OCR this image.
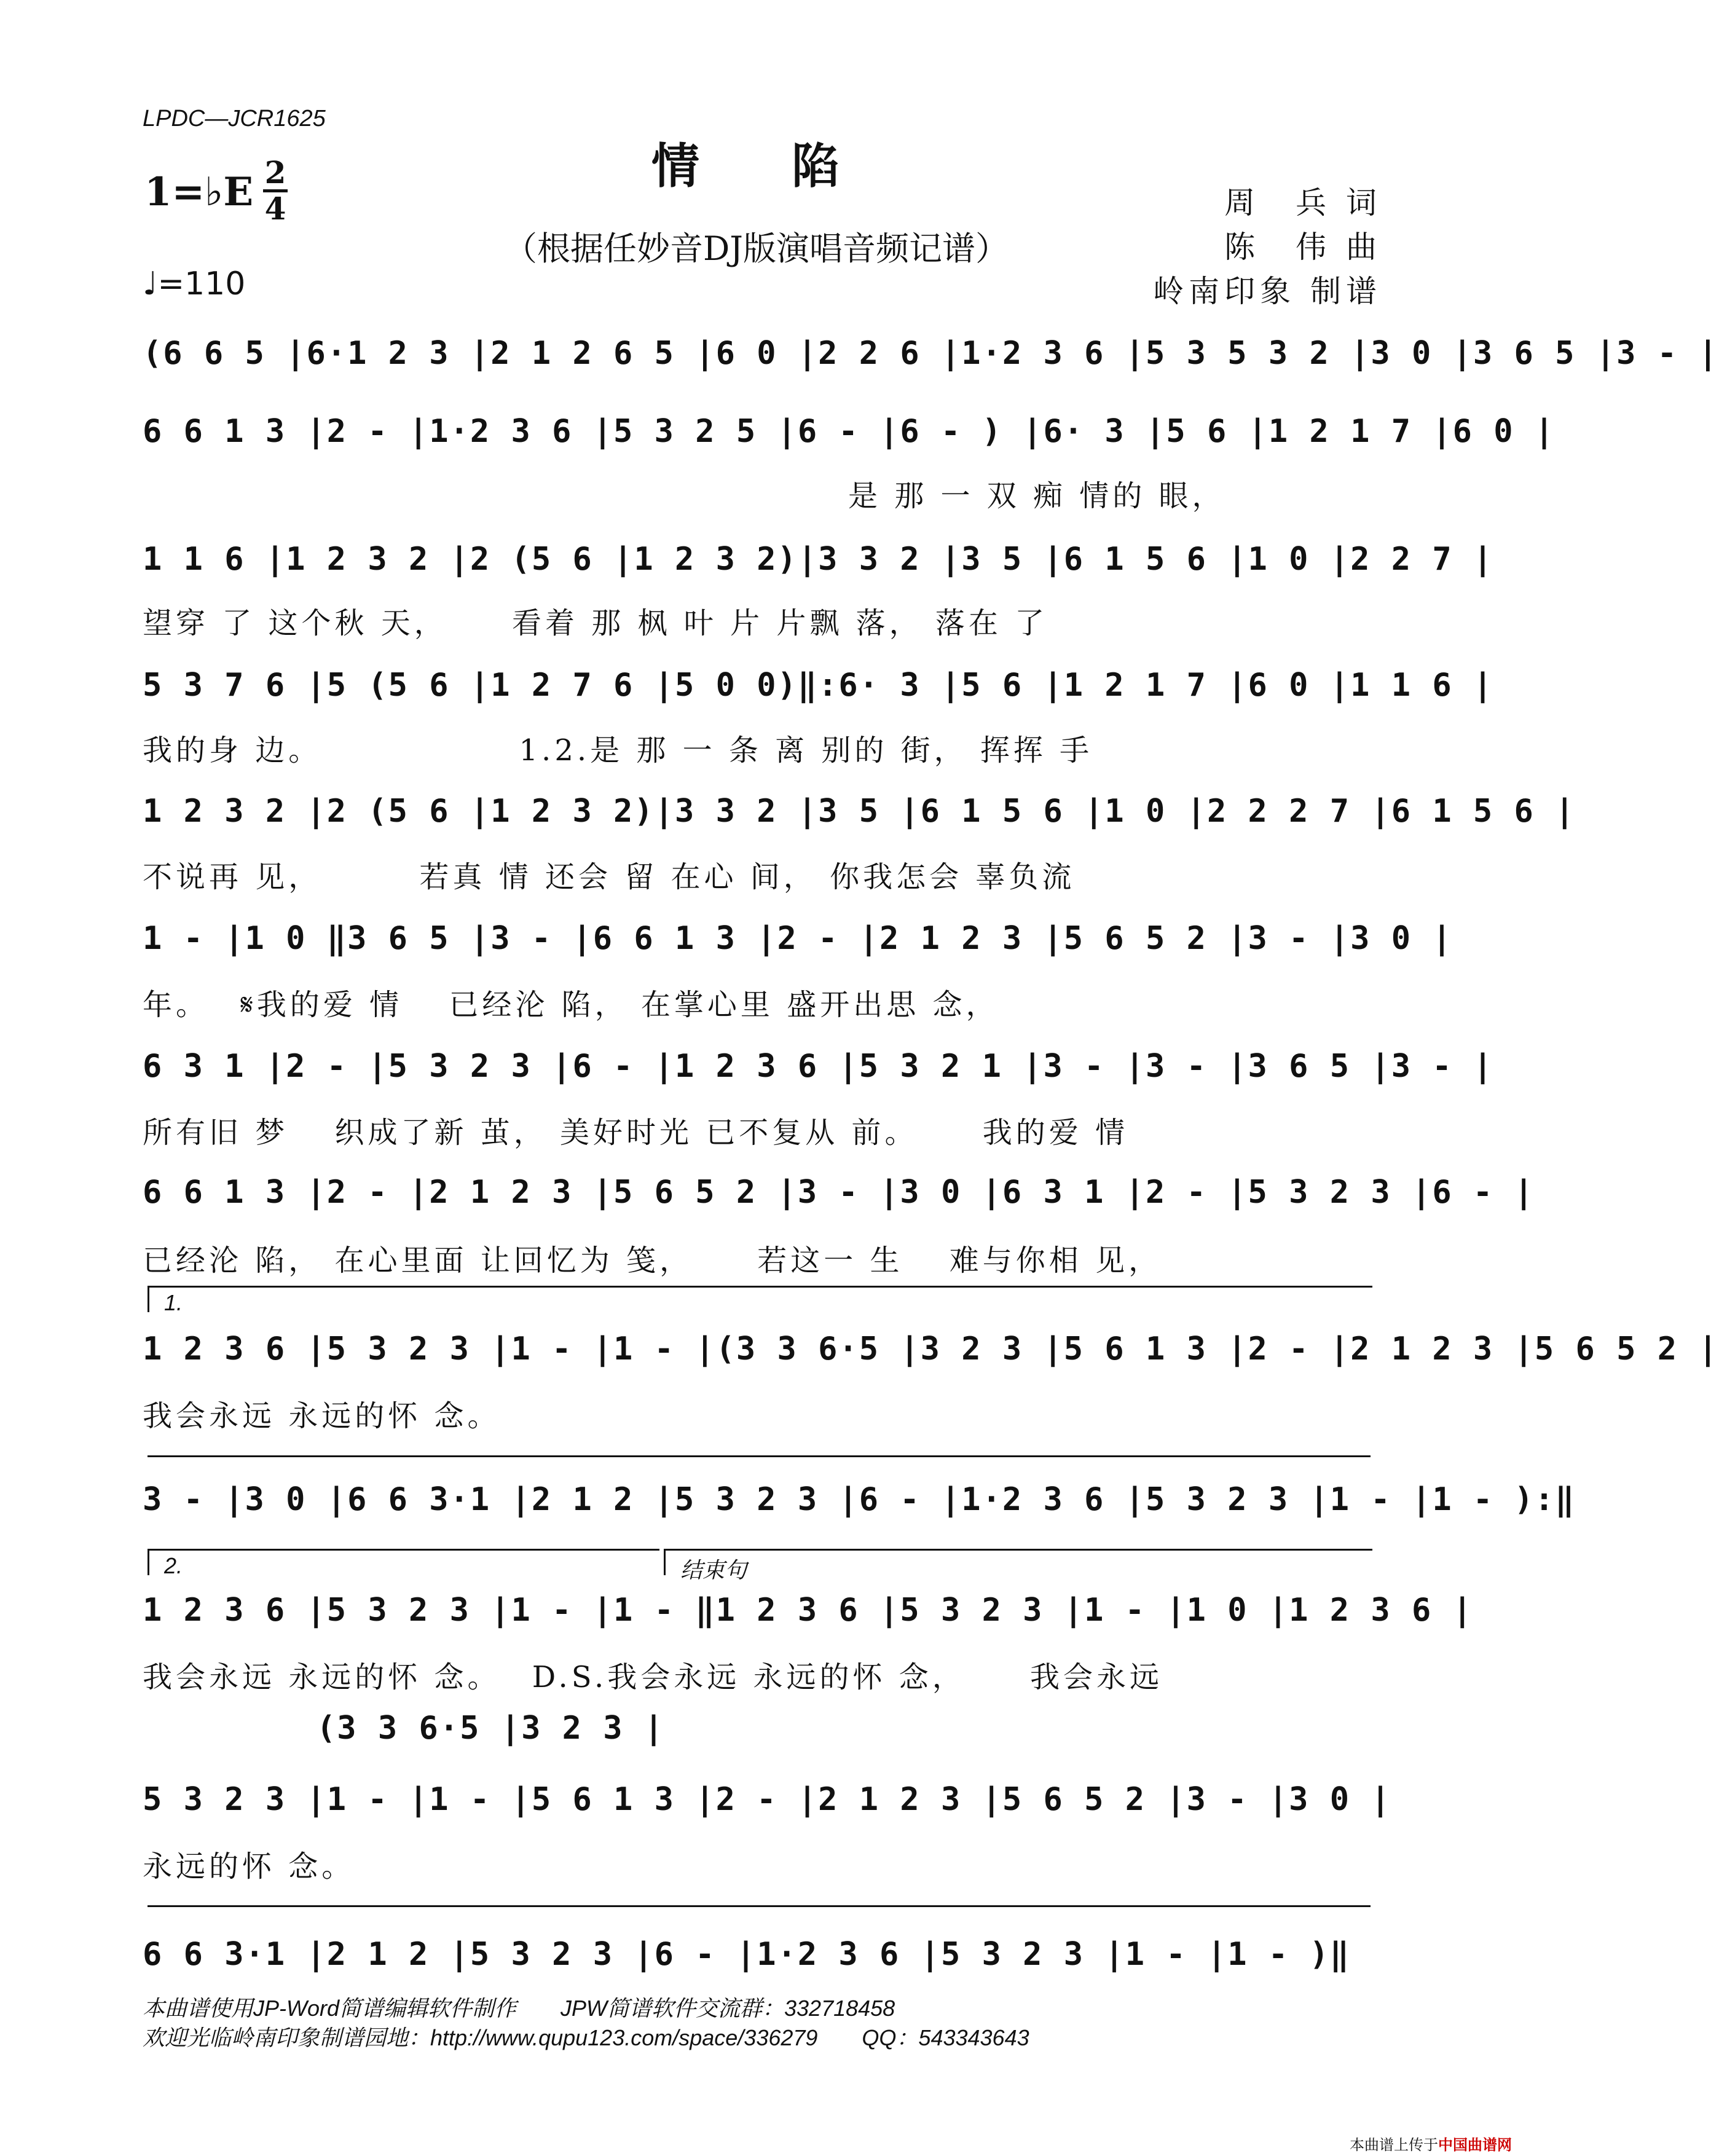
LPDC—JCR1625
情陷
（根据任妙音DJ版演唱音频记谱）
1=♭E 2
4
♩=110
周　兵 词
陈　伟 曲
岭南印象 制谱
(6 6 5 |6·1 2 3 |2 1 2 6 5 |6 0 |2 2 6 |1·2 3 6 |5 3 5 3 2 |3 0 |3 6 5 |3 - |
6 6 1 3 |2 - |1·2 3 6 |5 3 2 5 |6 - |6 - ) |6· 3 |5 6 |1 2 1 7 |6 0 |
是 那 一 双 痴 情的 眼，
1 1 6 |1 2 3 2 |2 (5 6 |1 2 3 2)|3 3 2 |3 5 |6 1 5 6 |1 0 |2 2 7 |
望穿 了 这个秋 天，　　 看着 那 枫 叶 片 片飘 落， 落在 了
5 3 7 6 |5 (5 6 |1 2 7 6 |5 0 0)‖:6· 3 |5 6 |1 2 1 7 |6 0 |1 1 6 |
我的身 边。　　　　　　 1.2.是 那 一 条 离 别的 街， 挥挥 手
1 2 3 2 |2 (5 6 |1 2 3 2)|3 3 2 |3 5 |6 1 5 6 |1 0 |2 2 2 7 |6 1 5 6 |
不说再 见，　　　 若真 情 还会 留 在心 间， 你我怎会 辜负流
1 - |1 0 ‖3 6 5 |3 - |6 6 1 3 |2 - |2 1 2 3 |5 6 5 2 |3 - |3 0 |
年。　 𝄋我的爱 情　 已经沦 陷， 在掌心里 盛开出思 念，
6 3 1 |2 - |5 3 2 3 |6 - |1 2 3 6 |5 3 2 1 |3 - |3 - |3 6 5 |3 - |
所有旧 梦　 织成了新 茧， 美好时光 已不复从 前。　　 我的爱 情
6 6 1 3 |2 - |2 1 2 3 |5 6 5 2 |3 - |3 0 |6 3 1 |2 - |5 3 2 3 |6 - |
已经沦 陷， 在心里面 让回忆为 笺，　　 若这一 生　 难与你相 见，
1.
1 2 3 6 |5 3 2 3 |1 - |1 - |(3 3 6·5 |3 2 3 |5 6 1 3 |2 - |2 1 2 3 |5 6 5 2 |
我会永远 永远的怀 念。
3 - |3 0 |6 6 3·1 |2 1 2 |5 3 2 3 |6 - |1·2 3 6 |5 3 2 3 |1 - |1 - ):‖
2.	结束句
1 2 3 6 |5 3 2 3 |1 - |1 - ‖1 2 3 6 |5 3 2 3 |1 - |1 0 |1 2 3 6 |
我会永远 永远的怀 念。　 D.S.我会永远 永远的怀 念，　　 我会永远
(3 3 6·5 |3 2 3 |
5 3 2 3 |1 - |1 - |5 6 1 3 |2 - |2 1 2 3 |5 6 5 2 |3 - |3 0 |
永远的怀 念。
6 6 3·1 |2 1 2 |5 3 2 3 |6 - |1·2 3 6 |5 3 2 3 |1 - |1 - )‖
本曲谱使用JP-Word简谱编辑软件制作　　JPW简谱软件交流群：332718458
欢迎光临岭南印象制谱园地：http://www.qupu123.com/space/336279　　QQ：543343643
本曲谱上传于中国曲谱网
